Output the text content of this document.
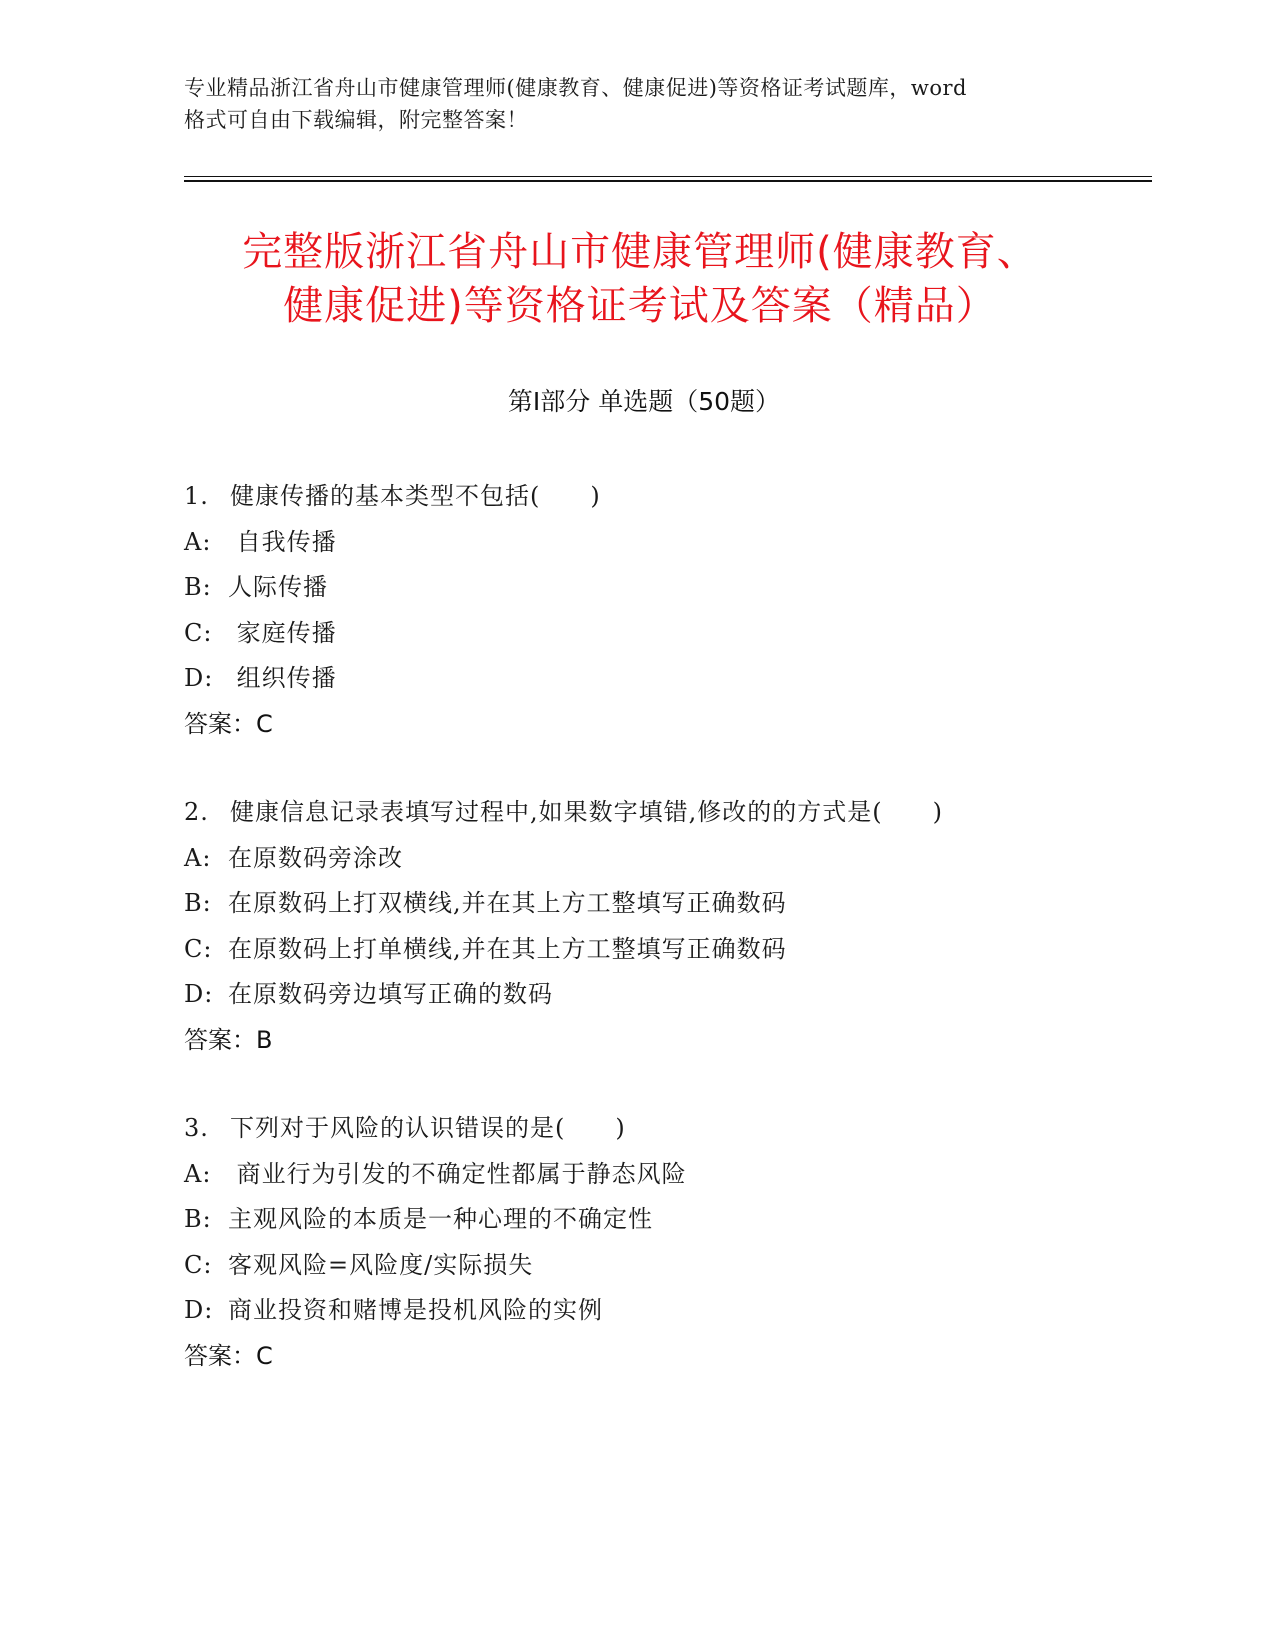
专业精品浙江省舟山市健康管理师(健康教育、健康促进)等资格证考试题库，word
格式可自由下载编辑，附完整答案！
完整版浙江省舟山市健康管理师(健康教育、
健康促进)等资格证考试及答案（精品）
第Ⅰ部分 单选题（50题）
1. 健康传播的基本类型不包括(　　)
A: 自我传播
B: 人际传播
C: 家庭传播
D: 组织传播
答案：C
2. 健康信息记录表填写过程中,如果数字填错,修改的的方式是(　　)
A: 在原数码旁涂改
B: 在原数码上打双横线,并在其上方工整填写正确数码
C: 在原数码上打单横线,并在其上方工整填写正确数码
D: 在原数码旁边填写正确的数码
答案：B
3. 下列对于风险的认识错误的是(　　)
A: 商业行为引发的不确定性都属于静态风险
B: 主观风险的本质是一种心理的不确定性
C: 客观风险=风险度/实际损失
D: 商业投资和赌博是投机风险的实例
答案：C
